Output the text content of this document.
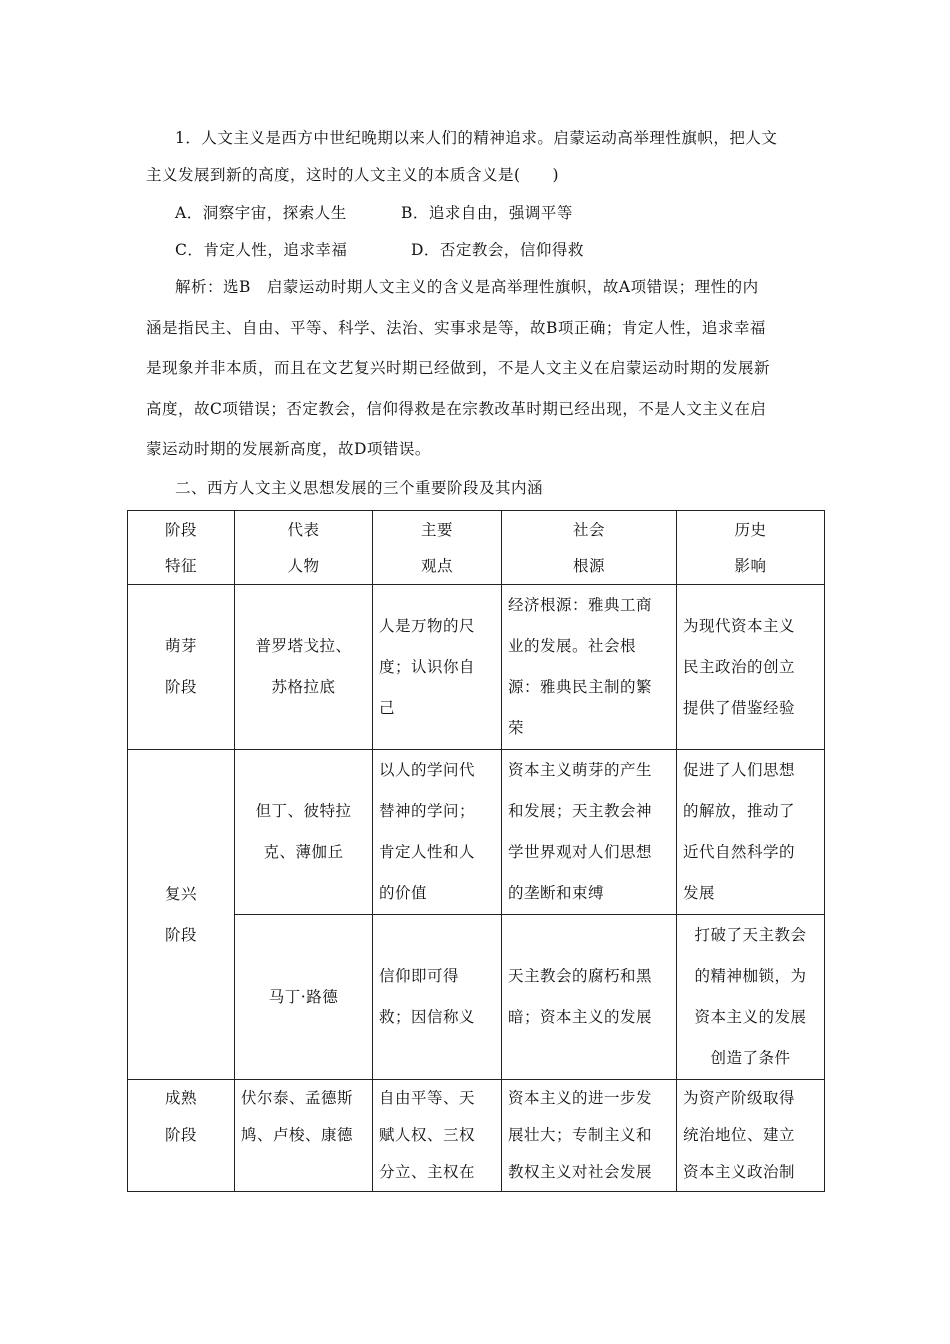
1．人文主义是西方中世纪晚期以来人们的精神追求。启蒙运动高举理性旗帜，把人文
主义发展到新的高度，这时的人文主义的本质含义是(　　)
A．洞察宇宙，探索人生	B．追求自由，强调平等
C．肯定人性，追求幸福	D．否定教会，信仰得救
解析：选B　启蒙运动时期人文主义的含义是高举理性旗帜，故A项错误；理性的内
涵是指民主、自由、平等、科学、法治、实事求是等，故B项正确；肯定人性，追求幸福
是现象并非本质，而且在文艺复兴时期已经做到，不是人文主义在启蒙运动时期的发展新
高度，故C项错误；否定教会，信仰得救是在宗教改革时期已经出现，不是人文主义在启
蒙运动时期的发展新高度，故D项错误。
二、西方人文主义思想发展的三个重要阶段及其内涵
阶段
特征	代表
人物	主要
观点	社会
根源	历史
影响

萌芽
阶段	普罗塔戈拉、
苏格拉底	人是万物的尺
度；认识你自
己	经济根源：雅典工商
业的发展。社会根
源：雅典民主制的繁
荣	为现代资本主义
民主政治的创立
提供了借鉴经验

复兴
阶段	但丁、彼特拉
克、薄伽丘	以人的学问代
替神的学问；
肯定人性和人
的价值	资本主义萌芽的产生
和发展；天主教会神
学世界观对人们思想
的垄断和束缚	促进了人们思想
的解放，推动了
近代自然科学的
发展

	马丁·路德	信仰即可得
救；因信称义	天主教会的腐朽和黑
暗；资本主义的发展	打破了天主教会
的精神枷锁，为
资本主义的发展
创造了条件

成熟
阶段	伏尔泰、孟德斯
鸠、卢梭、康德	自由平等、天
赋人权、三权
分立、主权在	资本主义的进一步发
展壮大；专制主义和
教权主义对社会发展	为资产阶级取得
统治地位、建立
资本主义政治制
